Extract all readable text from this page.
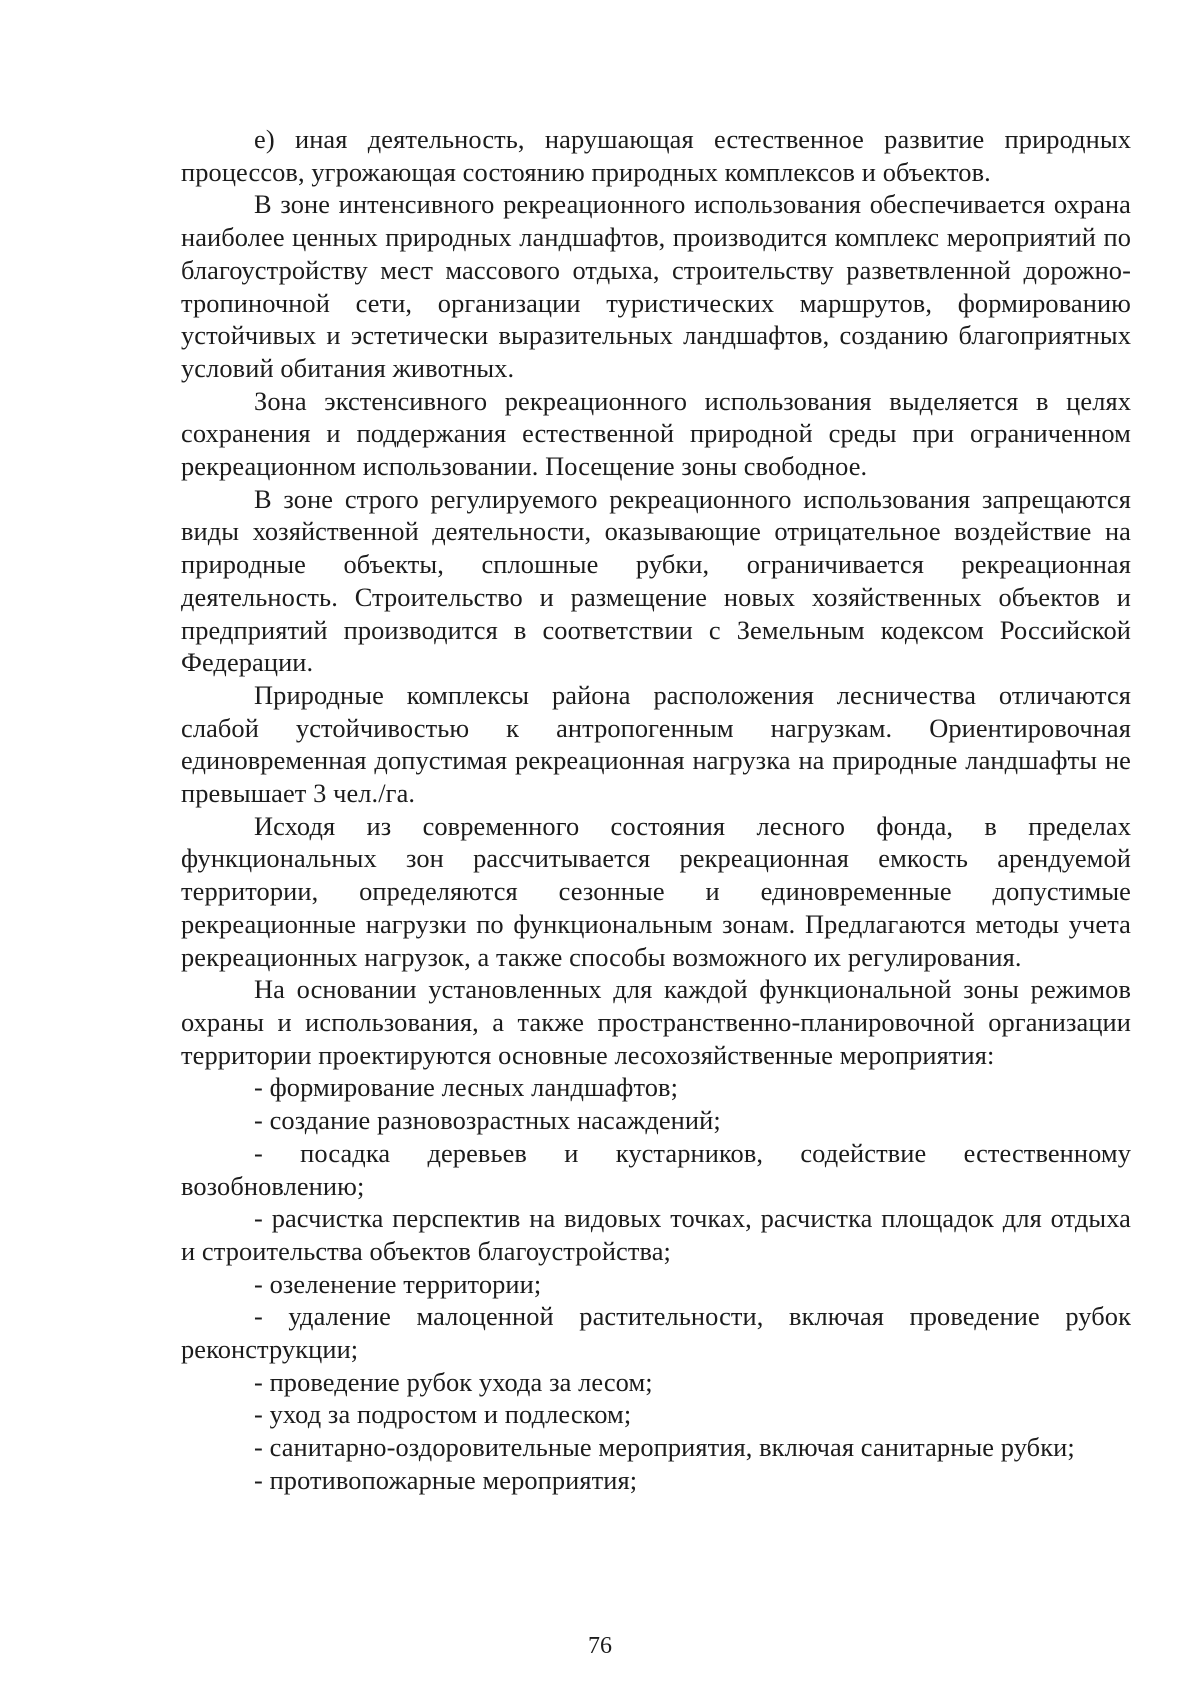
е) иная деятельность, нарушающая естественное развитие природных процессов, угрожающая состоянию природных комплексов и объектов.

В зоне интенсивного рекреационного использования обеспечивается охрана наиболее ценных природных ландшафтов, производится комплекс мероприятий по благоустройству мест массового отдыха, строительству разветвленной дорожно-тропиночной сети, организации туристических маршрутов, формированию устойчивых и эстетически выразительных ландшафтов, созданию благоприятных условий обитания животных.

Зона экстенсивного рекреационного использования выделяется в целях сохранения и поддержания естественной природной среды при ограниченном рекреационном использовании. Посещение зоны свободное.

В зоне строго регулируемого рекреационного использования запрещаются виды хозяйственной деятельности, оказывающие отрицательное воздействие на природные объекты, сплошные рубки, ограничивается рекреационная деятельность. Строительство и размещение новых хозяйственных объектов и предприятий производится в соответствии с Земельным кодексом Российской Федерации.

Природные комплексы района расположения лесничества отличаются слабой устойчивостью к антропогенным нагрузкам. Ориентировочная единовременная допустимая рекреационная нагрузка на природные ландшафты не превышает 3 чел./га.

Исходя из современного состояния лесного фонда, в пределах функциональных зон рассчитывается рекреационная емкость арендуемой территории, определяются сезонные и единовременные допустимые рекреационные нагрузки по функциональным зонам. Предлагаются методы учета рекреационных нагрузок, а также способы возможного их регулирования.

На основании установленных для каждой функциональной зоны режимов охраны и использования, а также пространственно-планировочной организации территории проектируются основные лесохозяйственные мероприятия:

- формирование лесных ландшафтов;

- создание разновозрастных насаждений;

- посадка деревьев и кустарников, содействие естественному возобновлению;

- расчистка перспектив на видовых точках, расчистка площадок для отдыха и строительства объектов благоустройства;

- озеленение территории;

- удаление малоценной растительности, включая проведение рубок реконструкции;

- проведение рубок ухода за лесом;

- уход за подростом и подлеском;

- санитарно-оздоровительные мероприятия, включая санитарные рубки;

- противопожарные мероприятия;

76
